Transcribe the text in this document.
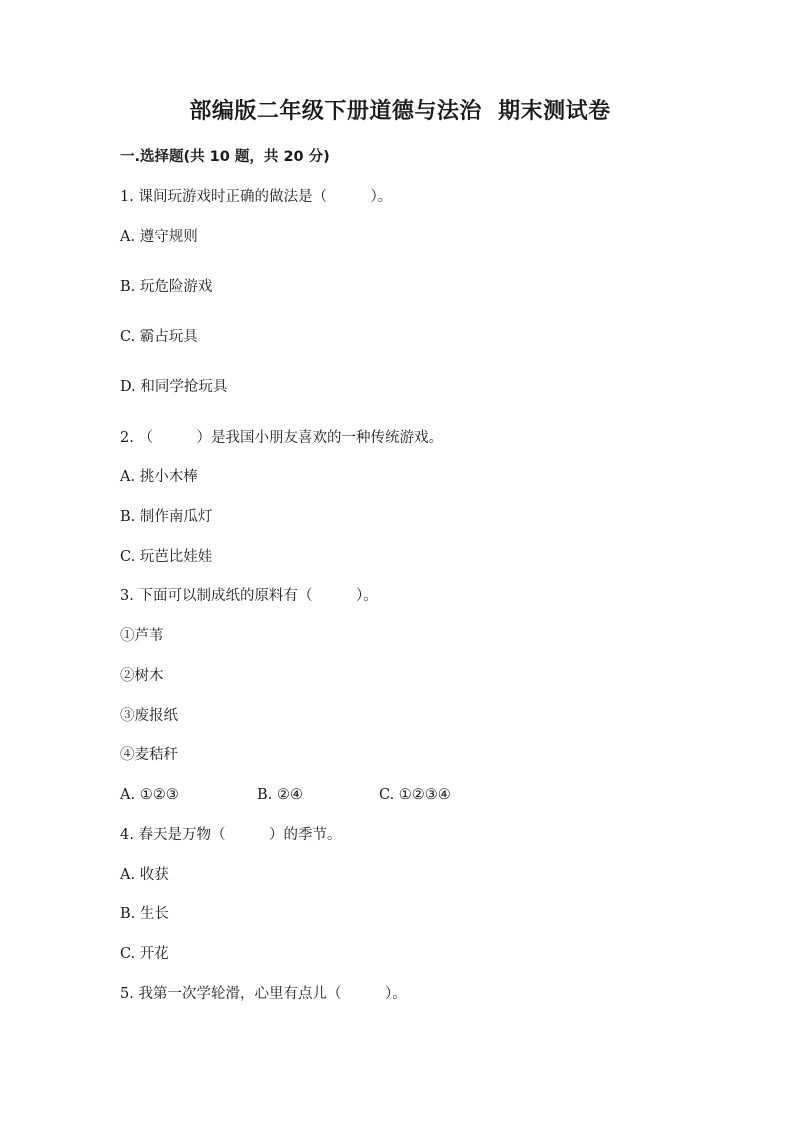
部编版二年级下册道德与法治  期末测试卷
一.选择题(共 10 题，共 20 分)
1. 课间玩游戏时正确的做法是（　　　）。
A. 遵守规则
B. 玩危险游戏
C. 霸占玩具
D. 和同学抢玩具
2. （　　　）是我国小朋友喜欢的一种传统游戏。
A. 挑小木棒
B. 制作南瓜灯
C. 玩芭比娃娃
3. 下面可以制成纸的原料有（　　　）。
①芦苇
②树木
③废报纸
④麦秸秆
A. ①②③	B. ②④	C. ①②③④
4. 春天是万物（　　　）的季节。
A. 收获
B. 生长
C. 开花
5. 我第一次学轮滑，心里有点儿（　　　）。
